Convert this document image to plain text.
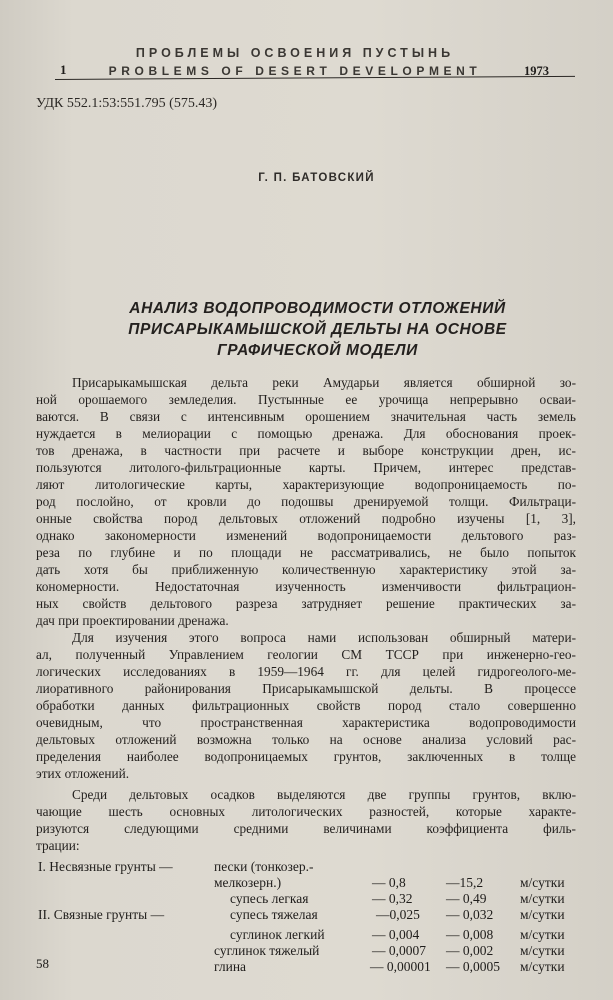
ПРОБЛЕМЫ ОСВОЕНИЯ ПУСТЫНЬ
1	PROBLEMS OF DESERT DEVELOPMENT	1973
УДК 552.1:53:551.795 (575.43)
Г. П. БАТОВСКИЙ
АНАЛИЗ ВОДОПРОВОДИМОСТИ ОТЛОЖЕНИЙ
ПРИСАРЫКАМЫШСКОЙ ДЕЛЬТЫ НА ОСНОВЕ
ГРАФИЧЕСКОЙ МОДЕЛИ
Присарыкамышская дельта реки Амударьи является обширной зо-
ной орошаемого земледелия. Пустынные ее урочища непрерывно осваи-
ваются. В связи с интенсивным орошением значительная часть земель
нуждается в мелиорации с помощью дренажа. Для обоснования проек-
тов дренажа, в частности при расчете и выборе конструкции дрен, ис-
пользуются литолого-фильтрационные карты. Причем, интерес представ-
ляют литологические карты, характеризующие водопроницаемость по-
род послойно, от кровли до подошвы дренируемой толщи. Фильтраци-
онные свойства пород дельтовых отложений подробно изучены [1, 3],
однако закономерности изменений водопроницаемости дельтового раз-
реза по глубине и по площади не рассматривались, не было попыток
дать хотя бы приближенную количественную характеристику этой за-
кономерности. Недостаточная изученность изменчивости фильтрацион-
ных свойств дельтового разреза затрудняет решение практических за-
дач при проектировании дренажа.
Для изучения этого вопроса нами использован обширный матери-
ал, полученный Управлением геологии СМ ТССР при инженерно-гео-
логических исследованиях в 1959—1964 гг. для целей гидрогеолого-ме-
лиоративного районирования Присарыкамышской дельты. В процессе
обработки данных фильтрационных свойств пород стало совершенно
очевидным, что пространственная характеристика водопроводимости
дельтовых отложений возможна только на основе анализа условий рас-
пределения наиболее водопроницаемых грунтов, заключенных в толще
этих отложений.
Среди дельтовых осадков выделяются две группы грунтов, вклю-
чающие шесть основных литологических разностей, которые характе-
ризуются следующими средними величинами коэффициента филь-
трации:
I. Несвязные грунты —	пески (тонкозер.-
мелкозерн.)	— 0,8	—15,2	м/сутки
супесь легкая	— 0,32 — 0,49 м/сутки
II. Связные грунты —	супесь тяжелая	—0,025 — 0,032 м/сутки
суглинок легкий	— 0,004 — 0,008 м/сутки
суглинок тяжелый	— 0,0007 — 0,002 м/сутки
глина	— 0,00001 — 0,0005 м/сутки
58
